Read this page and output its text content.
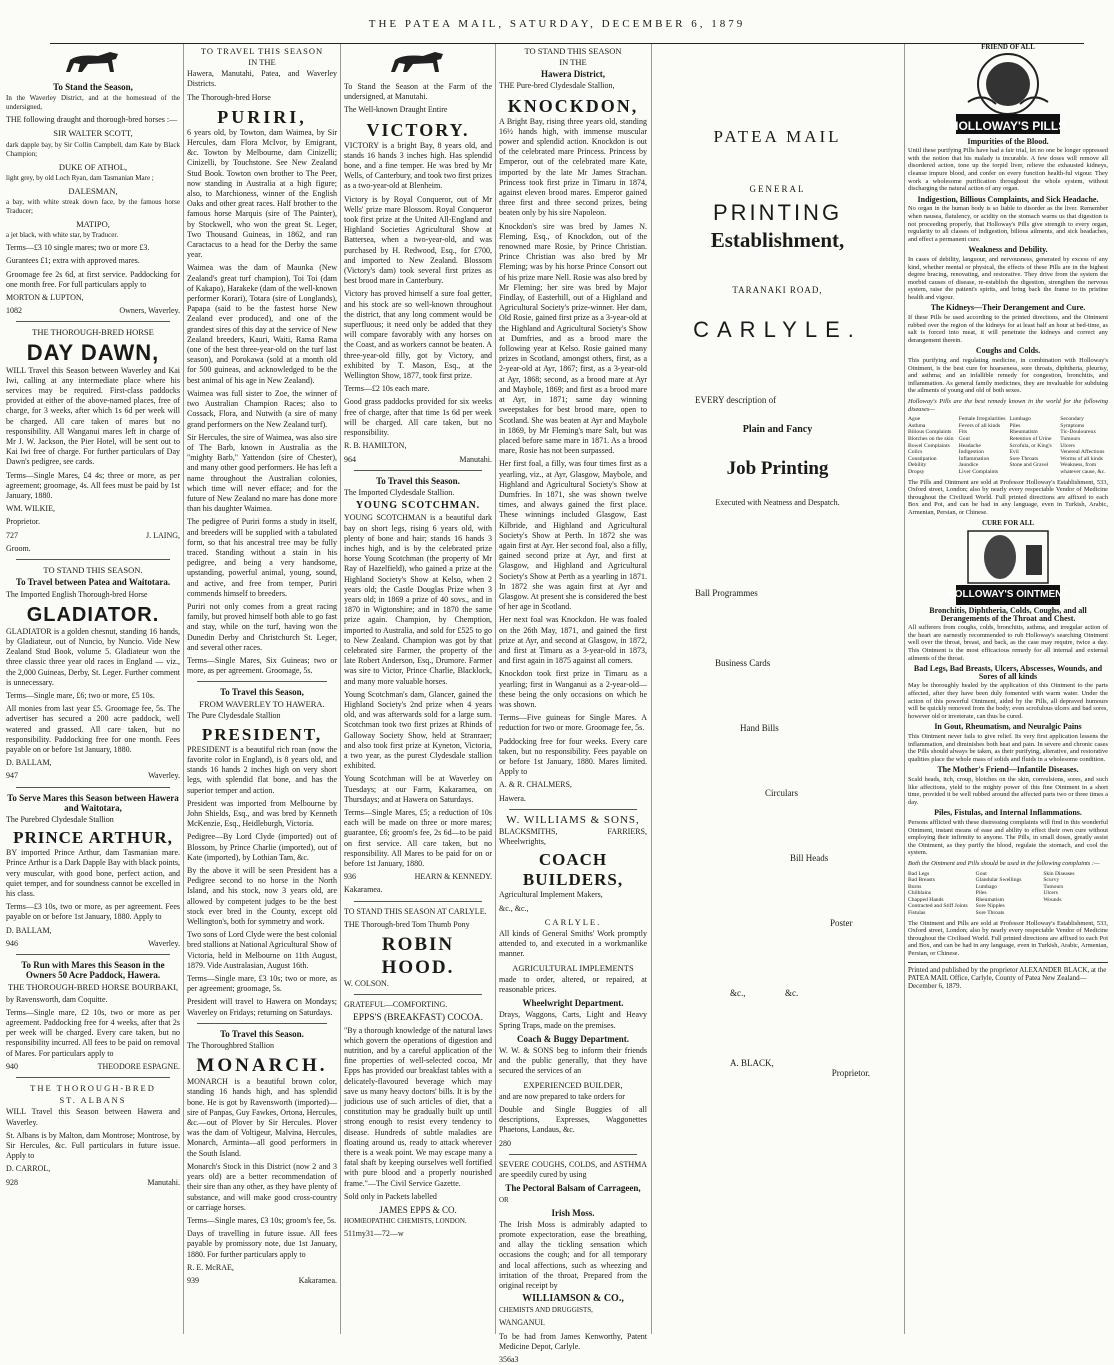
THE PATEA MAIL, SATURDAY, DECEMBER 6, 1879
To Stand the Season,

In the Waverley District, and at the homestead of the undersigned,

THE following draught and thorough-bred horses :—

SIR WALTER SCOTT,

dark dapple bay, by Sir Collin Campbell, dam Kate by Black Champion;

DUKE OF ATHOL,

light grey, by old Loch Ryan, dam Tasmanian Mare ;

DALESMAN,

a bay, with white streak down face, by the famous horse Traducer;

MATIPO,

a jet black, with white star, by Traducer.

Terms—£3 10 single mares; two or more £3.

Gurantees £1; extra with approved mares.

Groomage fee 2s 6d, at first service. Paddocking for one month free. For full particulars apply to

MORTON & LUPTON,

1082	Owners, Waverley.

THE THOROUGH-BRED HORSE
DAY DAWN,

WILL Travel this Season between Waverley and Kai Iwi, calling at any intermediate place where his services may be required. First-class paddocks provided at either of the above-named places, free of charge, for 3 weeks, after which 1s 6d per week will be charged. All care taken of mares but no responsibility. All Wanganui mares left in charge of Mr J. W. Jackson, the Pier Hotel, will be sent out to Kai Iwi free of charge. For further particulars of Day Dawn's pedigree, see cards.

Terms—Single Mares, £4 4s; three or more, as per agreement; groomage, 4s. All fees must be paid by 1st January, 1880.

WM. WILKIE,

Proprietor.

727	J. LAING,

Groom.

TO STAND THIS SEASON.
To Travel between Patea and Waitotara.

The Imported English Thorough-bred Horse

GLADIATOR.

GLADIATOR is a golden chesnut, standing 16 hands, by Gladiateur, out of Nuncio, by Nuncio. Vide New Zealand Stud Book, volume 5. Gladiateur won the three classic three year old races in England — viz., the 2,000 Guineas, Derby, St. Leger. Further comment is unnecessary.

Terms—Single mare, £6; two or more, £5 10s.

All monies from last year £5. Groomage fee, 5s. The advertiser has secured a 200 acre paddock, well watered and grassed. All care taken, but no responsibility. Paddocking free for one month. Fees payable on or before 1st January, 1880.

D. BALLAM,

947	Waverley.

To Serve Mares this Season between Hawera and Waitotara,

The Purebred Clydesdale Stallion

PRINCE ARTHUR,

BY imported Prince Arthur, dam Tasmanian mare. Prince Arthur is a Dark Dapple Bay with black points, very muscular, with good bone, perfect action, and quiet temper, and for soundness cannot be excelled in his class.

Terms—£3 10s, two or more, as per agreement. Fees payable on or before 1st January, 1880. Apply to

D. BALLAM,

946	Waverley.

To Run with Mares this Season in the Owners 50 Acre Paddock, Hawera.
THE THOROUGH-BRED HORSE BOURBAKI,

by Ravensworth, dam Coquitte.

Terms—Single mare, £2 10s, two or more as per agreement. Paddocking free for 4 weeks, after that 2s per week will be charged. Every care taken, but no responsibility incurred. All fees to be paid on removal of Mares. For particulars apply to

940	THEODORE ESPAGNE.

THE THOROUGH-BRED
ST. ALBANS

WILL Travel this Season between Hawera and Waverley.

St. Albans is by Malton, dam Montrose; Montrose, by Sir Hercules, &c. Full particulars in future issue. Apply to

D. CARROL,

928	Manutahi.

TO TRAVEL THIS SEASON
IN THE

Hawera, Manutahi, Patea, and Waverley Districts.

The Thorough-bred Horse

PURIRI,

6 years old, by Towton, dam Waimea, by Sir Hercules, dam Flora McIvor, by Emigrant, &c. Towton by Melbourne, dam Cinizelli; Cinizelli, by Touchstone. See New Zealand Stud Book. Towton own brother to The Peer, now standing in Australia at a high figure; also, to Marchioness, winner of the English Oaks and other great races. Half brother to the famous horse Marquis (sire of The Painter), by Stockwell, who won the great St. Leger, Two Thousand Guineas, in 1862, and ran Caractacus to a head for the Derby the same year.

Waimea was the dam of Maunka (New Zealand's great turf champion), Toi Toi (dam of Kakapo), Harakeke (dam of the well-known performer Korari), Totara (sire of Longlands), Papapa (said to be the fastest horse New Zealand ever produced), and one of the grandest sires of this day at the service of New Zealand breeders, Kauri, Waiti, Rama Rama (one of the best three-year-old on the turf last season), and Porokawa (sold at a month old for 500 guineas, and acknowledged to be the best animal of his age in New Zealand).

Waimea was full sister to Zoe, the winner of two Australian Champion Races; also to Cossack, Flora, and Nutwith (a sire of many grand performers on the New Zealand turf).

Sir Hercules, the sire of Waimea, was also sire of The Barb, known in Australia as the "mighty Barb," Yattendon (sire of Chester), and many other good performers. He has left a name throughout the Australian colonies, which time will never efface; and for the future of New Zealand no mare has done more than his daughter Waimea.

The pedigree of Puriri forms a study in itself, and breeders will be supplied with a tabulated form, so that his ancestral tree may be fully traced. Standing without a stain in his pedigree, and being a very handsome, upstanding, powerful animal, young, sound, and active, and free from temper, Puriri commends himself to breeders.

Puriri not only comes from a great racing family, but proved himself both able to go fast and stay, while on the turf, having won the Dunedin Derby and Christchurch St. Leger, and several other races.

Terms—Single Mares, Six Guineas; two or more, as per agreement. Groomage, 5s.

To Travel this Season,
FROM WAVERLEY TO HAWERA.

The Pure Clydesdale Stallion

PRESIDENT,

PRESIDENT is a beautiful rich roan (now the favorite color in England), is 8 years old, and stands 16 hands 2 inches high on very short legs, with splendid flat bone, and has the superior temper and action.

President was imported from Melbourne by John Shields, Esq., and was bred by Kenneth McKenzie, Esq., Heidleburgh, Victoria.

Pedigree—By Lord Clyde (imported) out of Blossom, by Prince Charlie (imported), out of Kate (imported), by Lothian Tam, &c.

By the above it will be seen President has a Pedigree second to no horse in the North Island, and his stock, now 3 years old, are allowed by competent judges to be the best stock ever bred in the County, except old Wellington's, both for symmetry and work.

Two sons of Lord Clyde were the best colonial bred stallions at National Agricultural Show of Victoria, held in Melbourne on 11th August, 1879. Vide Australasian, August 16th.

Terms—Single mare, £3 10s; two or more, as per agreement; groomage, 5s.

President will travel to Hawera on Mondays; Waverley on Fridays; returning on Saturdays.

To Travel this Season.

The Thoroughbred Stallion

MONARCH.

MONARCH is a beautiful brown color, standing 16 hands high, and has splendid bone. He is got by Ravensworth (imported)—sire of Panpas, Guy Fawkes, Ortona, Hercules, &c.—out of Plover by Sir Hercules. Plover was the dam of Voltigeur, Malvina, Hercules, Monarch, Arminta—all good performers in the South Island.

Monarch's Stock in this District (now 2 and 3 years old) are a better recommendation of their sire than any other, as they have plenty of substance, and will make good cross-country or carriage horses.

Terms—Single mares, £3 10s; groom's fee, 5s.

Days of travelling in future issue. All fees payable by promissory note, due 1st January, 1880. For further particulars apply to

R. E. McRAE,

939	Kakaramea.

To Stand the Season at the Farm of the undersigned, at Manutahi.

The Well-known Draught Entire

VICTORY.

VICTORY is a bright Bay, 8 years old, and stands 16 hands 3 inches high. Has splendid bone, and a fine temper. He was bred by Mr Wells, of Canterbury, and took two first prizes as a two-year-old at Blenheim.

Victory is by Royal Conqueror, out of Mr Wells' prize mare Blossom. Royal Conqueror took first prize at the United All-England and Highland Societies Agricultural Show at Battersea, when a two-year-old, and was purchased by H. Redwood, Esq., for £700, and imported to New Zealand. Blossom (Victory's dam) took several first prizes as best brood mare in Canterbury.

Victory has proved himself a sure foal getter, and his stock are so well-known throughout the district, that any long comment would be superfluous; it need only be added that they will compare favorably with any horses on the Coast, and as workers cannot be beaten. A three-year-old filly, got by Victory, and exhibited by T. Mason, Esq., at the Wellington Show, 1877, took first prize.

Terms—£2 10s each mare.

Good grass paddocks provided for six weeks free of charge, after that time 1s 6d per week will be charged. All care taken, but no responsibility.

R. B. HAMILTON,

964	Manutahi.

To Travel this Season.

The Imported Clydesdale Stallion.

YOUNG SCOTCHMAN.

YOUNG SCOTCHMAN is a beautiful dark bay on short legs, rising 6 years old, with plenty of bone and hair; stands 16 hands 3 inches high, and is by the celebrated prize horse Young Scotchman (the property of Mr Ray of Hazelfield), who gained a prize at the Highland Society's Show at Kelso, when 2 years old; the Castle Douglas Prize when 3 years old; in 1869 a prize of 40 sovs., and in 1870 in Wigtonshire; and in 1870 the same prize again. Champion, by Chemption, imported to Australia, and sold for £525 to go to New Zealand. Champion was got by that celebrated sire Farmer, the property of the late Robert Anderson, Esq., Drumore. Farmer was sire to Victor, Prince Charlie, Blacklock, and many more valuable horses.

Young Scotchman's dam, Glancer, gained the Highland Society's 2nd prize when 4 years old, and was afterwards sold for a large sum. Scotchman took two first prizes at Rhinds of Galloway Society Show, held at Stranraer; and also took first prize at Kyneton, Victoria, a two year, as the purest Clydesdale stallion exhibited.

Young Scotchman will be at Waverley on Tuesdays; at our Farm, Kakaramea, on Thursdays; and at Hawera on Saturdays.

Terms—Single Mares, £5; a reduction of 10s each will be made on three or more mares; guarantee, £6; groom's fee, 2s 6d—to be paid on first service. All care taken, but no responsibility. All Mares to be paid for on or before 1st January, 1880.

936	HEARN & KENNEDY.

Kakaramea.

TO STAND THIS SEASON AT CARLYLE.

THE Thorough-bred Tom Thumb Pony

ROBIN HOOD.

W. COLSON.

GRATEFUL—COMFORTING.

EPPS'S (BREAKFAST) COCOA.

"By a thorough knowledge of the natural laws which govern the operations of digestion and nutrition, and by a careful application of the fine properties of well-selected cocoa, Mr Epps has provided our breakfast tables with a delicately-flavoured beverage which may save us many heavy doctors' bills. It is by the judicious use of such articles of diet, that a constitution may be gradually built up until strong enough to resist every tendency to disease. Hundreds of subtle maladies are floating around us, ready to attack wherever there is a weak point. We may escape many a fatal shaft by keeping ourselves well fortified with pure blood and a properly nourished frame."—The Civil Service Gazette.

Sold only in Packets labelled

JAMES EPPS & CO.

HOMŒOPATHIC CHEMISTS, LONDON.

511my31—72—w

TO STAND THIS SEASON
IN THE
Hawera District,

THE Pure-bred Clydesdale Stallion,

KNOCKDON,

A Bright Bay, rising three years old, standing 16½ hands high, with immense muscular power and splendid action. Knockdon is out of the celebrated mare Princess. Princess by Emperor, out of the celebrated mare Kate, imported by the late Mr James Strachan. Princess took first prize in Timaru in 1874, against eleven brood mares. Emperor gained three first and three second prizes, being beaten only by his sire Napoleon.

Knockdon's sire was bred by James N. Fleming, Esq., of Knockdon, out of the renowned mare Rosie, by Prince Christian. Prince Christian was also bred by Mr Fleming; was by his horse Prince Consort out of his prize mare Nell. Rosie was also bred by Mr Fleming; her sire was bred by Major Findlay, of Easterhill, out of a Highland and Agricultural Society's prize-winner. Her dam, Old Rosie, gained first prize as a 3-year-old at the Highland and Agricultural Society's Show at Dumfries, and as a brood mare the following year at Kelso. Rosie gained many prizes in Scotland, amongst others, first, as a 2-year-old at Ayr, 1867; first, as a 3-year-old at Ayr, 1868; second, as a brood mare at Ayr and Maybole, 1869; and first as a brood mare at Ayr, in 1871; same day winning sweepstakes for best brood mare, open to Scotland. She was beaten at Ayr and Maybole in 1869, by Mr Fleming's mare Salt, but was placed before same mare in 1871. As a brood mare, Rosie has not been surpassed.

Her first foal, a filly, was four times first as a yearling, viz., at Ayr, Glasgow, Maybole, and Highland and Agricultural Society's Show at Dumfries. In 1871, she was shown twelve times, and always gained the first place. These winnings included Glasgow, East Kilbride, and Highland and Agricultural Society's Show at Perth. In 1872 she was again first at Ayr. Her second foal, also a filly, gained second prize at Ayr, and first at Glasgow, and Highland and Agricultural Society's Show at Perth as a yearling in 1871. In 1872 she was again first at Ayr and Glasgow. At present she is considered the best of her age in Scotland.

Her next foal was Knockdon. He was foaled on the 26th May, 1871, and gained the first prize at Ayr, and second at Glasgow, in 1872, and first at Timaru as a 3-year-old in 1873, and first again in 1875 against all comers.

Knockdon took first prize in Timaru as a yearling; first in Wanganui as a 2-year-old—these being the only occasions on which he was shown.

Terms—Five guineas for Single Mares. A reduction for two or more. Groomage fee, 5s.

Paddocking free for four weeks. Every care taken, but no responsibility. Fees payable on or before 1st January, 1880. Mares limited. Apply to

A. & R. CHALMERS,

Hawera.

W. WILLIAMS & SONS,

BLACKSMITHS, FARRIERS, Wheelwrights,

COACH BUILDERS,

Agricultural Implement Makers,

&c., &c.,

CARLYLE.

All kinds of General Smiths' Work promptly attended to, and executed in a workmanlike manner.

AGRICULTURAL IMPLEMENTS

made to order, altered, or repaired, at reasonable prices.

Wheelwright Department.

Drays, Waggons, Carts, Light and Heavy Spring Traps, made on the premises.

Coach & Buggy Department.

W. W. & SONS beg to inform their friends and the public generally, that they have secured the services of an

EXPERIENCED BUILDER,

and are now prepared to take orders for

Double and Single Buggies of all descriptions, Expresses, Waggonettes Phaetons, Landaus, &c.

280

SEVERE COUGHS, COLDS, and ASTHMA are speedily cured by using

The Pectoral Balsam of Carrageen,

OR

Irish Moss.

The Irish Moss is admirably adapted to promote expectoration, ease the breathing, and allay the tickling sensation which occasions the cough; and for all temporary and local affections, such as wheezing and irritation of the throat, Prepared from the original receipt by

WILLIAMSON & CO.,

CHEMISTS AND DRUGGISTS,

WANGANUI.

To be had from James Kenworthy, Patent Medicine Depot, Carlyle.

356a3

PATEA MAIL
GENERAL
PRINTING
Establishment,
TARANAKI ROAD,
CARLYLE.
EVERY description of
Plain and Fancy
Job Printing
Executed with Neatness and Despatch.
Ball Programmes
Business Cards
Hand Bills
Circulars
Bill Heads
Poster
&c.,	&c.
A. BLACK,
Proprietor.
FRIEND OF ALL
HOLLOWAY'S PILLS
Impurities of the Blood.

Until these purifying Pills have had a fair trial, let no one be longer oppressed with the notion that his malady is incurable. A few doses will remove all disordered action, tone up the torpid liver, relieve the exhausted kidneys, cleanse impure blood, and confer on every function health-ful vigour. They work a wholesome purification throughout the whole system, without discharging the natural action of any organ.

Indigestion, Billious Complaints, and Sick Headache.

No organ in the human body is so liable to disorder as the liver. Remember when nausea, flatulency, or acidity on the stomach warns us that digestion is not proceeding properly, that Holloway's Pills give strength to every organ, regularity to all classes of indigestion, bilious ailments, and sick headaches, and effect a permanent cure.

Weakness and Debility.

In cases of debility, languour, and nervousness, generated by excess of any kind, whether mental or physical, the effects of these Pills are in the highest degree bracing, renovating, and restorative. They drive from the system the morbid causes of disease, re-establish the digestion, strengthen the nervous system, raise the patient's spirits, and bring back the frame to its pristine health and vigour.

The Kidneys—Their Derangement and Cure.

If these Pills be used according to the printed directions, and the Ointment rubbed over the region of the kidneys for at least half an hour at bed-time, as salt is forced into meat, it will penetrate the kidneys and correct any derangement therein.

Coughs and Colds.

This purifying and regulating medicine, in combination with Holloway's Ointment, is the best cure for hoarseness, sore throats, diphtheria, pleurisy, and asthma; and an infallible remedy for congestion, bronchitis, and inflammation. As general family medicines, they are invaluable for subduing the ailments of young and old of both sexes.

Holloway's Pills are the best remedy known in the world for the following diseases—

Ague
Asthma
Bilious Complaints
Blotches on the skin
Bowel Complaints
Colics
Constipation
Debility
Dropsy
Female Irregularities
Fevers of all kinds
Fits
Gout
Headache
Indigestion
Inflammation
Jaundice
Liver Complaints
Lumbago
Piles
Rheumatism
Retention of Urine
Scrofula, or King's Evil
Sore Throats
Stone and Gravel
Secondary Symptoms
Tic-Douloureux
Tumours
Ulcers
Venereal Affections
Worms of all kinds
Weakness, from whatever cause, &c.

The Pills and Ointment are sold at Professor Holloway's Establishment, 533, Oxford street, London; also by nearly every respectable Vendor of Medicine throughout the Civilized World. Full printed directions are affixed to each Box and Pot, and can be had in any language, even in Turkish, Arabic, Armenian, Persian, or Chinese.

CURE FOR ALL
HOLLOWAY'S OINTMENT
Bronchitis, Diphtheria, Colds, Coughs, and all Derangements of the Throat and Chest.

All sufferers from coughs, colds, bronchitis, asthma, and irregular action of the heart are earnestly recommended to rub Holloway's searching Ointment well over the throat, breast, and back, as the case may require, twice a day. This Ointment is the most efficacious remedy for all internal and external ailments of the throat.

Bad Legs, Bad Breasts, Ulcers, Abscesses, Wounds, and Sores of all kinds

May be thoroughly healed by the application of this Ointment to the parts affected, after they have been duly fomented with warm water. Under the action of this powerful Ointment, aided by the Pills, all depraved humours will be quickly removed from the body; even scrofulous ulcers and bad sores, however old or inveterate, can thus be cured.

In Gout, Rheumatism, and Neuralgic Pains

This Ointment never fails to give relief. Its very first application lessens the inflammation, and diminishes both heat and pain. In severe and chronic cases the Pills should always be taken, as their purifying, alterative, and restorative qualities place the whole mass of solids and fluids in a wholesome condition.

The Mother's Friend—Infantile Diseases.

Scald heads, itch, croup, blotches on the skin, convulsions, sores, and such like affections, yield to the mighty power of this fine Ointment in a short time, provided it be well rubbed around the affected parts two or three times a day.

Piles, Fistulas, and Internal Inflammations.

Persons afflicted with these distressing complaints will find in this wonderful Ointment, instant means of ease and ability to effect their own cure without employing their infirmity to anyone. The Pills, in small doses, greatly assist the Ointment, as they purify the blood, regulate the stomach, and cool the system.

Both the Ointment and Pills should be used in the following complaints :—

Bad Legs
Bad Breasts
Burns
Chilblains
Chapped Hands
Contracted and Stiff Joints
Fistulas
Gout
Glandular Swellings
Lumbago
Piles
Rheumatism
Sore Nipples
Sore Throats
Skin Diseases
Scurvy
Tumours
Ulcers
Wounds

The Ointment and Pills are sold at Professor Holloway's Establishment, 533, Oxford street, London; also by nearly every respectable Vendor of Medicine throughout the Civilised World. Full printed directions are affixed to each Pot and Box, and can be had in any language, even in Turkish, Arabic, Armenian, Persian, or Chinese.

Printed and published by the proprietor ALEXANDER BLACK, at the PATEA MAIL Office, Carlyle, County of Patea New Zealand—December 6, 1879.
